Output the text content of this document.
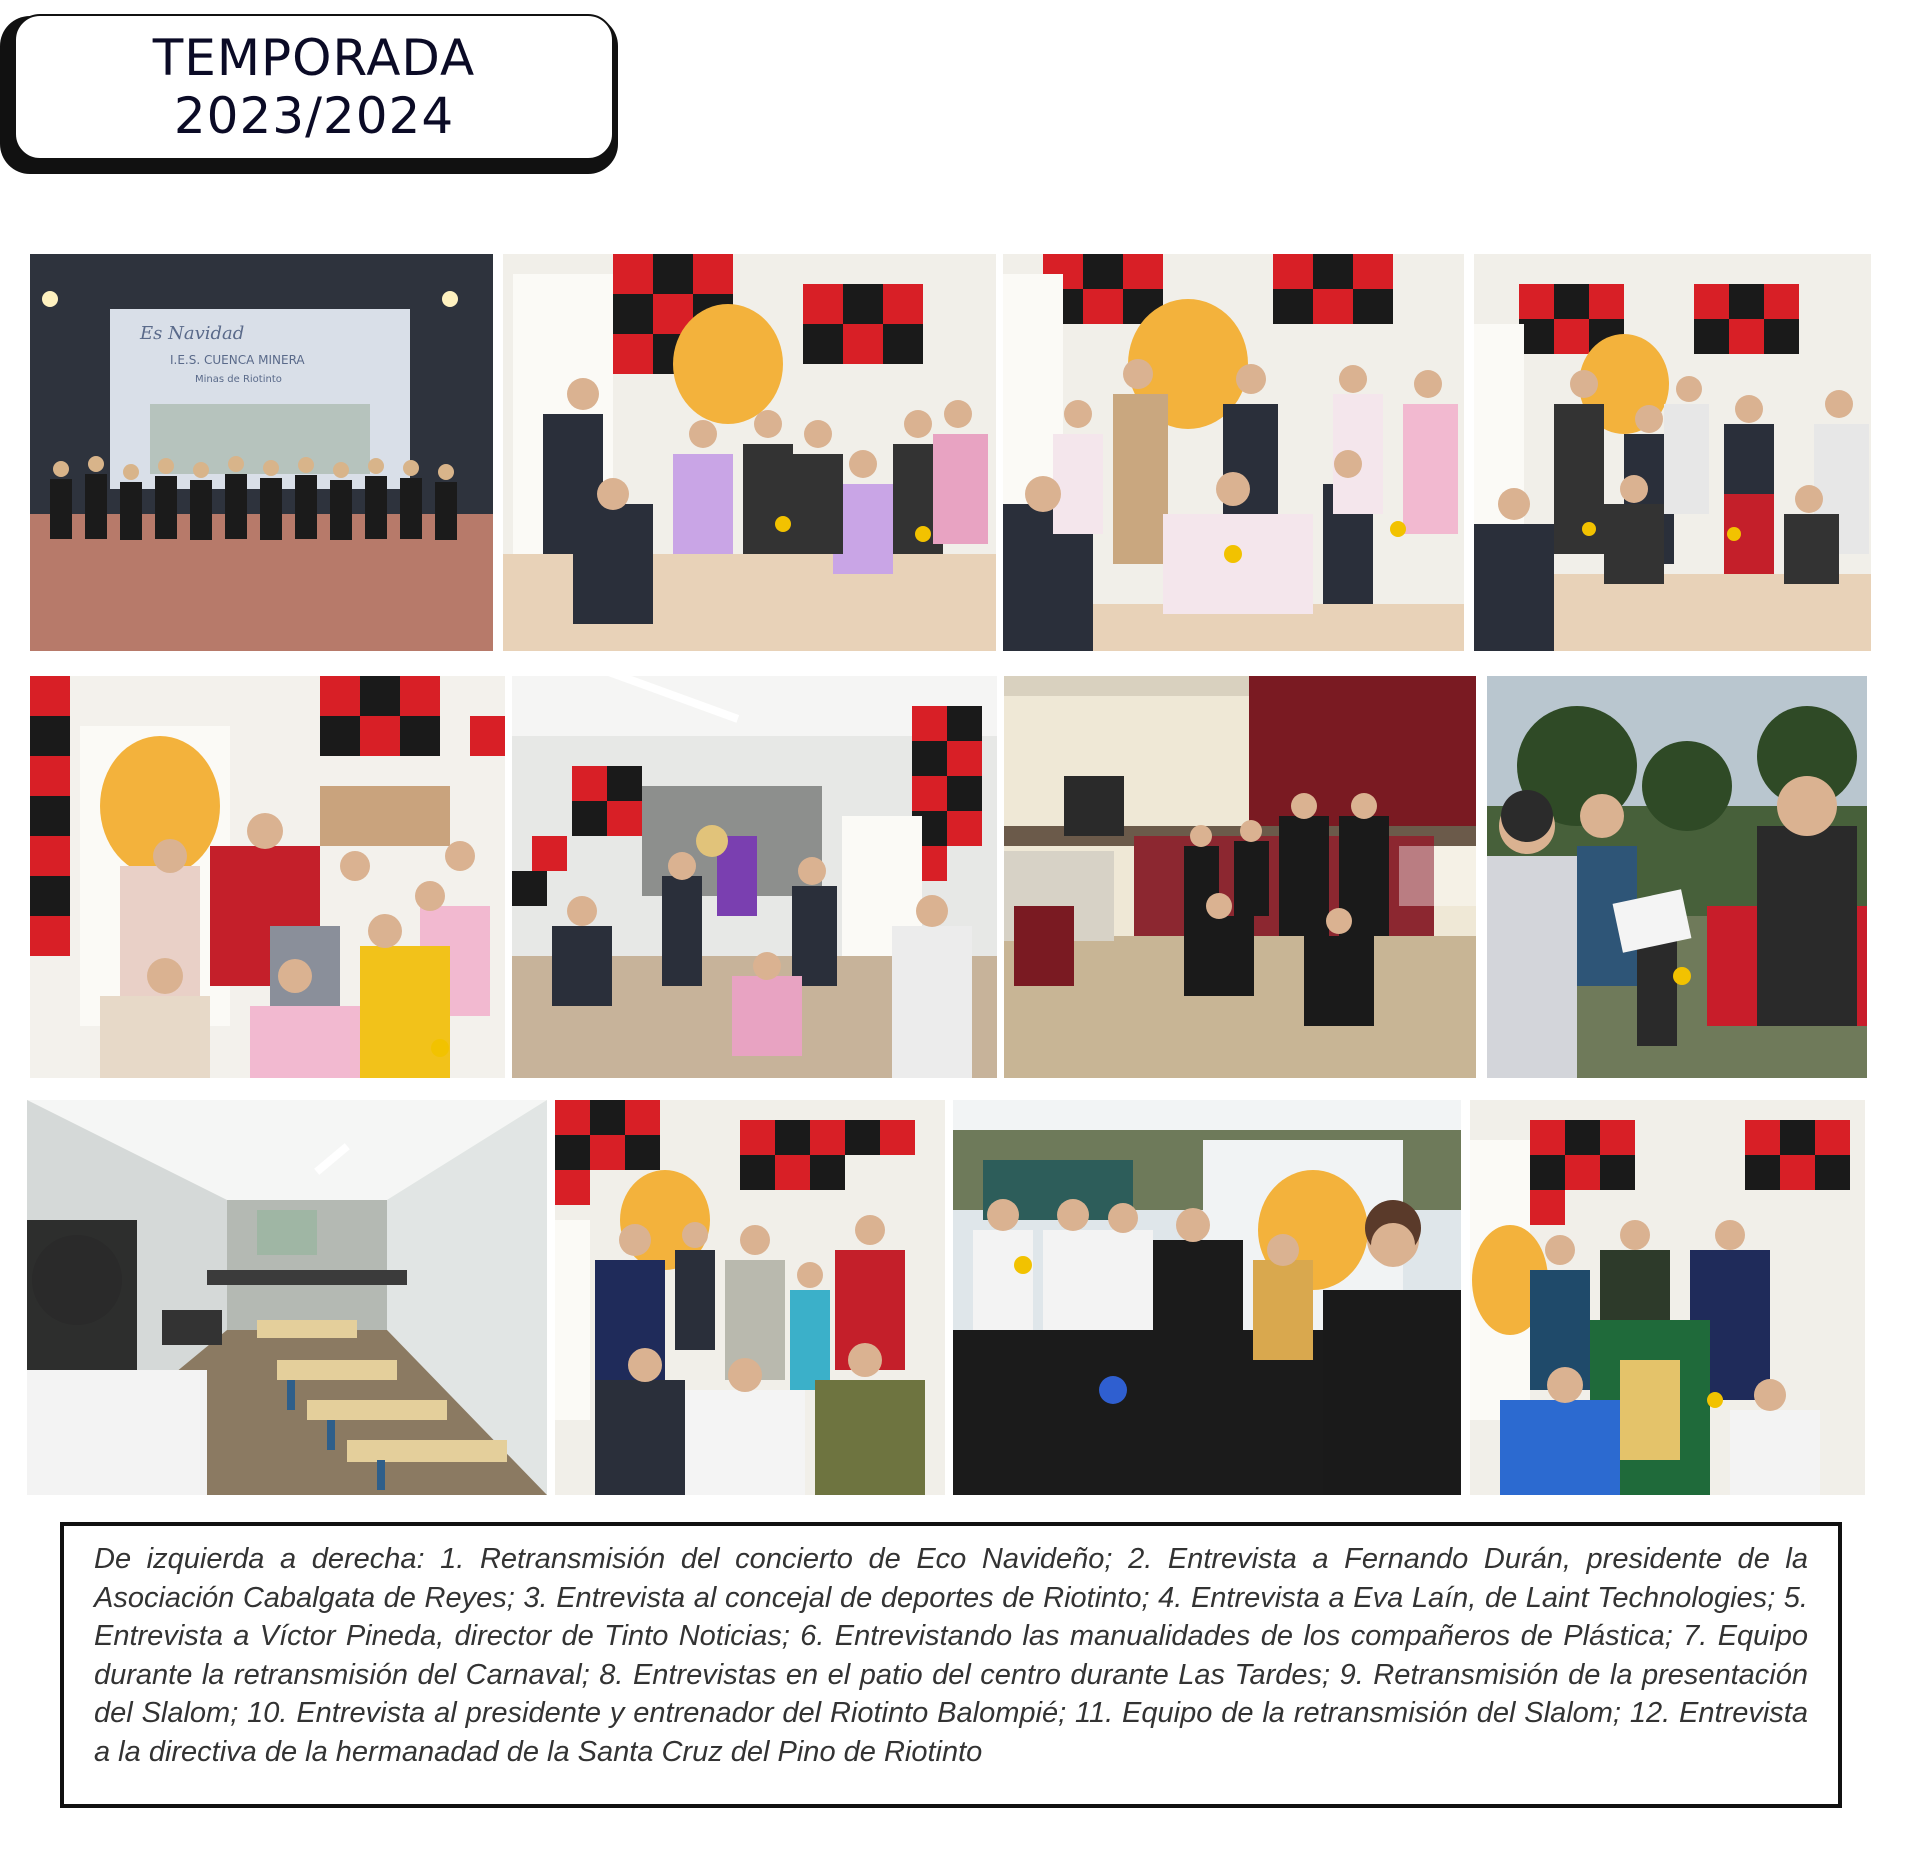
TEMPORADA
2023/2024
Es Navidad
I.E.S. CUENCA MINERA
Minas de Riotinto

De izquierda a derecha: 1. Retransmisión del concierto de Eco Navideño; 2. Entrevista a Fernando Durán, presidente de la Asociación Cabalgata de Reyes; 3. Entrevista al concejal de deportes de Riotinto; 4. Entrevista a Eva Laín, de Laint Technologies; 5. Entrevista a Víctor Pineda, director de Tinto Noticias; 6. Entrevistando las manualidades de los compañeros de Plástica; 7. Equipo durante la retransmisión del Carnaval; 8. Entrevistas en el patio del centro durante Las Tardes; 9. Retransmisión de la presentación del Slalom; 10. Entrevista al presidente y entrenador del Riotinto Balompié; 11. Equipo de la retransmisión del Slalom; 12. Entrevista a la directiva de la hermanadad de la Santa Cruz del Pino de Riotinto
